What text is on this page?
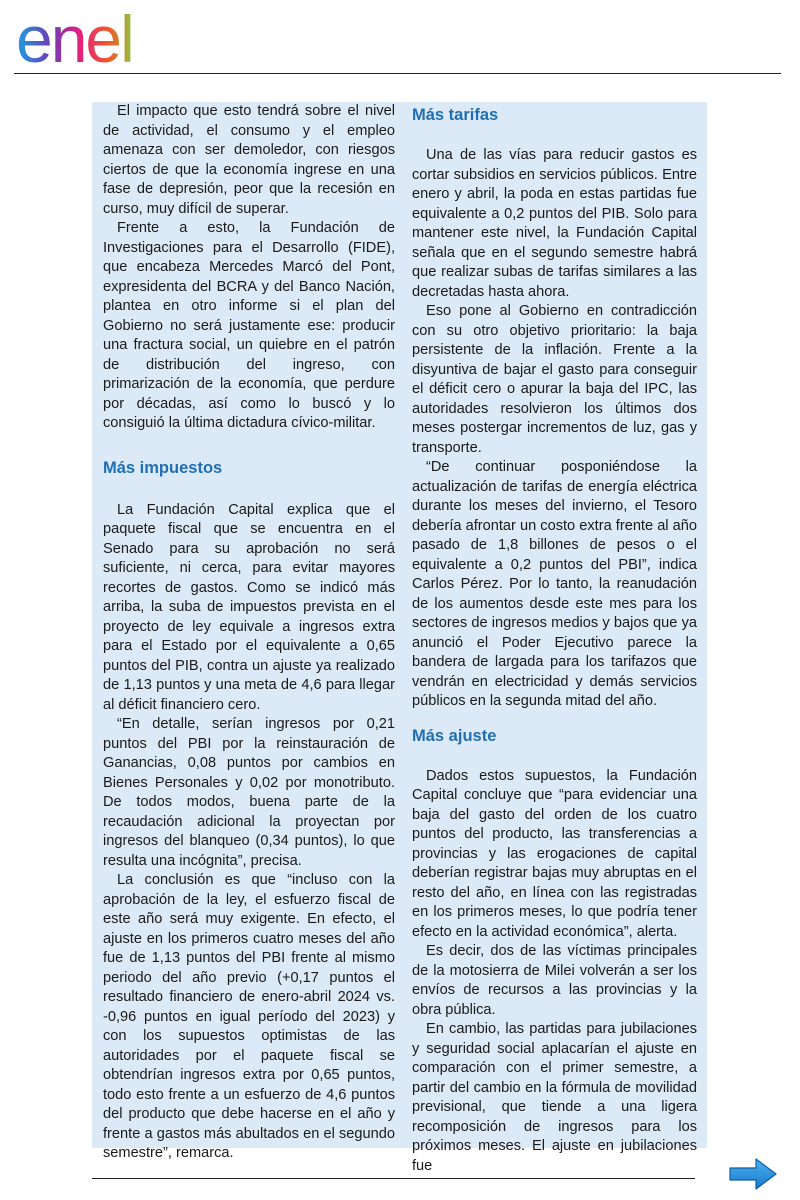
enel

El impacto que esto tendrá sobre el nivel de actividad, el consumo y el empleo amenaza con ser demoledor, con riesgos ciertos de que la economía ingrese en una fase de depresión, peor que la recesión en curso, muy difícil de superar.

Frente a esto, la Fundación de Investigaciones para el Desarrollo (FIDE), que encabeza Mercedes Marcó del Pont, expresidenta del BCRA y del Banco Nación, plantea en otro informe si el plan del Gobierno no será justamente ese: producir una fractura social, un quiebre en el patrón de distribución del ingreso, con primarización de la economía, que perdure por décadas, así como lo buscó y lo consiguió la última dictadura cívico-militar.

Más impuestos

La Fundación Capital explica que el paquete fiscal que se encuentra en el Senado para su aprobación no será suficiente, ni cerca, para evitar mayores recortes de gastos. Como se indicó más arriba, la suba de impuestos prevista en el proyecto de ley equivale a ingresos extra para el Estado por el equivalente a 0,65 puntos del PIB, contra un ajuste ya realizado de 1,13 puntos y una meta de 4,6 para llegar al déficit financiero cero.

“En detalle, serían ingresos por 0,21 puntos del PBI por la reinstauración de Ganancias, 0,08 puntos por cambios en Bienes Personales y 0,02 por monotributo. De todos modos, buena parte de la recaudación adicional la proyectan por ingresos del blanqueo (0,34 puntos), lo que resulta una incógnita”, precisa.

La conclusión es que “incluso con la aprobación de la ley, el esfuerzo fiscal de este año será muy exigente. En efecto, el ajuste en los primeros cuatro meses del año fue de 1,13 puntos del PBI frente al mismo periodo del año previo (+0,17 puntos el resultado financiero de enero-abril 2024 vs. -0,96 puntos en igual período del 2023) y con los supuestos optimistas de las autoridades por el paquete fiscal se obtendrían ingresos extra por 0,65 puntos, todo esto frente a un esfuerzo de 4,6 puntos del producto que debe hacerse en el año y frente a gastos más abultados en el segundo semestre”, remarca.

Más tarifas

Una de las vías para reducir gastos es cortar subsidios en servicios públicos. Entre enero y abril, la poda en estas partidas fue equivalente a 0,2 puntos del PIB. Solo para mantener este nivel, la Fundación Capital señala que en el segundo semestre habrá que realizar subas de tarifas similares a las decretadas hasta ahora.

Eso pone al Gobierno en contradicción con su otro objetivo prioritario: la baja persistente de la inflación. Frente a la disyuntiva de bajar el gasto para conseguir el déficit cero o apurar la baja del IPC, las autoridades resolvieron los últimos dos meses postergar incrementos de luz, gas y transporte.

“De continuar posponiéndose la actualización de tarifas de energía eléctrica durante los meses del invierno, el Tesoro debería afrontar un costo extra frente al año pasado de 1,8 billones de pesos o el equivalente a 0,2 puntos del PBI”, indica Carlos Pérez. Por lo tanto, la reanudación de los aumentos desde este mes para los sectores de ingresos medios y bajos que ya anunció el Poder Ejecutivo parece la bandera de largada para los tarifazos que vendrán en electricidad y demás servicios públicos en la segunda mitad del año.

Más ajuste

Dados estos supuestos, la Fundación Capital concluye que “para evidenciar una baja del gasto del orden de los cuatro puntos del producto, las transferencias a provincias y las erogaciones de capital deberían registrar bajas muy abruptas en el resto del año, en línea con las registradas en los primeros meses, lo que podría tener efecto en la actividad económica”, alerta.

Es decir, dos de las víctimas principales de la motosierra de Milei volverán a ser los envíos de recursos a las provincias y la obra pública.

En cambio, las partidas para jubilaciones y seguridad social aplacarían el ajuste en comparación con el primer semestre, a partir del cambio en la fórmula de movilidad previsional, que tiende a una ligera recomposición de ingresos para los próximos meses. El ajuste en jubilaciones fue
